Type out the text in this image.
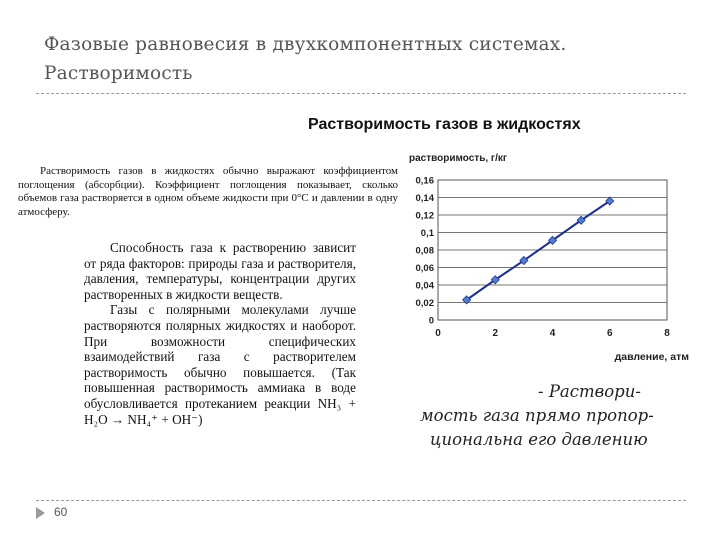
Фазовые равновесия в двухкомпонентных системах.
Растворимость
Растворимость газов в жидкостях
Растворимость газов в жидкостях обычно выражают коэффициентом поглощения (абсорбции). Коэффициент поглощения показывает, сколько объемов газа растворяется в одном объеме жидкости при 0°С и давлении в одну атмосферу.

Способность газа к растворению зависит от ряда факторов: природы газа и растворителя, давления, температуры, концентрации других растворенных в жидкости веществ.

Газы с полярными молекулами лучше растворяются полярных жидкостях и наоборот. При возможности специфических взаимодействий газа с растворителем растворимость обычно повышается. (Так повышенная растворимость аммиака в воде обусловливается протеканием реакции NH₃ + H₂O → NH₄⁺ + OH⁻)

0
0,02
0,04
0,06
0,08
0,1
0,12
0,14
0,16
0	2	4	6	8
растворимость, г/кг
давление, атм
- Раствори-
мость газа прямо пропор-
циональна его давлению
60
